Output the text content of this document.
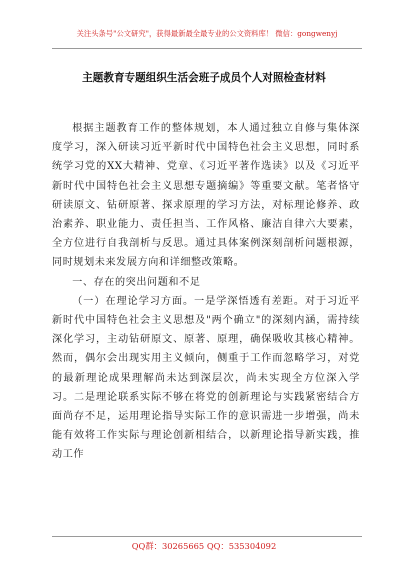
关注头条号"公文研究"，获得最新最全最专业的公文资料库！ 微信：gongwenyj
主题教育专题组织生活会班子成员个人对照检查材料

根据主题教育工作的整体规划，本人通过独立自修与集体深度学习，深入研读习近平新时代中国特色社会主义思想，同时系统学习党的XX大精神、党章、《习近平著作选读》以及《习近平新时代中国特色社会主义思想专题摘编》等重要文献。笔者恪守研读原文、钻研原著、探求原理的学习方法，对标理论修养、政治素养、职业能力、责任担当、工作风格、廉洁自律六大要素，全方位进行自我剖析与反思。通过具体案例深刻剖析问题根源，同时规划未来发展方向和详细整改策略。

一、存在的突出问题和不足

（一）在理论学习方面。一是学深悟透有差距。对于习近平新时代中国特色社会主义思想及"两个确立"的深刻内涵，需持续深化学习，主动钻研原文、原著、原理，确保吸收其核心精神。然而，偶尔会出现实用主义倾向，侧重于工作而忽略学习，对党的最新理论成果理解尚未达到深层次，尚未实现全方位深入学习。二是理论联系实际不够在将党的创新理论与实践紧密结合方面尚存不足，运用理论指导实际工作的意识需进一步增强，尚未能有效将工作实际与理论创新相结合，以新理论指导新实践，推动工作

QQ群：30265665 QQ：535304092
